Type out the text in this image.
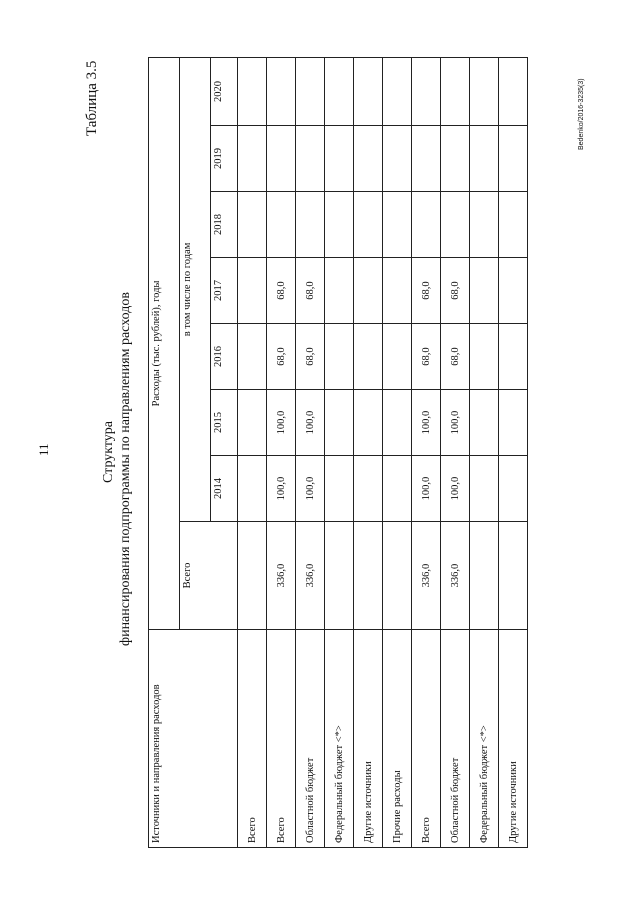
11
Таблица 3.5
Структура финансирования подпрограммы по направлениям расходов
Источники и направления расходов	Расходы (тыс. рублей), годы							
	Всего	в том числе по годам						
		2014	2015	2016	2017	2018	2019	2020
Всего								
Всего	336,0	100,0	100,0	68,0	68,0			
Областной бюджет	336,0	100,0	100,0	68,0	68,0			
Федеральный бюджет <*>								
Другие источники								
Прочие расходы								
Всего	336,0	100,0	100,0	68,0	68,0			
Областной бюджет	336,0	100,0	100,0	68,0	68,0			
Федеральный бюджет <*>								
Другие источники								
Bedenko/2016-3235(3)
